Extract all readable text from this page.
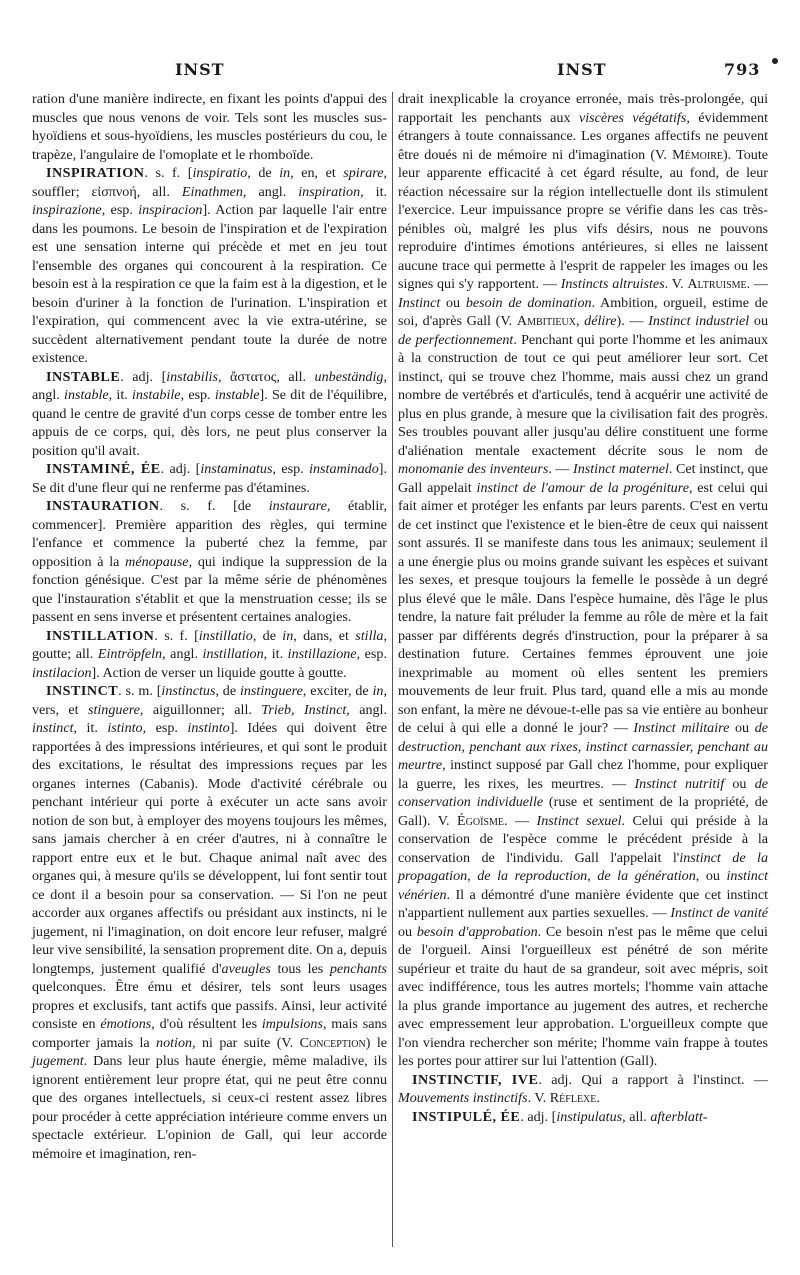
INST	INST	793

ration d'une manière indirecte, en fixant les points d'appui des muscles que nous venons de voir. Tels sont les muscles sus-hyoïdiens et sous-hyoïdiens, les muscles postérieurs du cou, le trapèze, l'angulaire de l'omoplate et le rhomboïde.

INSPIRATION. s. f. [inspiratio, de in, en, et spirare, souffler; εἰσπνοή, all. Einathmen, angl. inspiration, it. inspirazione, esp. inspiracion]. Action par laquelle l'air entre dans les poumons. Le besoin de l'inspiration et de l'expiration est une sensation interne qui précède et met en jeu tout l'ensemble des organes qui concourent à la respiration. Ce besoin est à la respiration ce que la faim est à la digestion, et le besoin d'uriner à la fonction de l'urination. L'inspiration et l'expiration, qui commencent avec la vie extra-utérine, se succèdent alternativement pendant toute la durée de notre existence.

INSTABLE. adj. [instabilis, ἄστατος, all. unbeständig, angl. instable, it. instabile, esp. instable]. Se dit de l'équilibre, quand le centre de gravité d'un corps cesse de tomber entre les appuis de ce corps, qui, dès lors, ne peut plus conserver la position qu'il avait.

INSTAMINÉ, ÉE. adj. [instaminatus, esp. instaminado]. Se dit d'une fleur qui ne renferme pas d'étamines.

INSTAURATION. s. f. [de instaurare, établir, commencer]. Première apparition des règles, qui termine l'enfance et commence la puberté chez la femme, par opposition à la ménopause, qui indique la suppression de la fonction génésique. C'est par la même série de phénomènes que l'instauration s'établit et que la menstruation cesse; ils se passent en sens inverse et présentent certaines analogies.

INSTILLATION. s. f. [instillatio, de in, dans, et stilla, goutte; all. Eintröpfeln, angl. instillation, it. instillazione, esp. instilacion]. Action de verser un liquide goutte à goutte.

INSTINCT. s. m. [instinctus, de instinguere, exciter, de in, vers, et stinguere, aiguillonner; all. Trieb, Instinct, angl. instinct, it. istinto, esp. instinto]. Idées qui doivent être rapportées à des impressions intérieures, et qui sont le produit des excitations, le résultat des impressions reçues par les organes internes (Cabanis). Mode d'activité cérébrale ou penchant intérieur qui porte à exécuter un acte sans avoir notion de son but, à employer des moyens toujours les mêmes, sans jamais chercher à en créer d'autres, ni à connaître le rapport entre eux et le but. Chaque animal naît avec des organes qui, à mesure qu'ils se développent, lui font sentir tout ce dont il a besoin pour sa conservation. — Si l'on ne peut accorder aux organes affectifs ou présidant aux instincts, ni le jugement, ni l'imagination, on doit encore leur refuser, malgré leur vive sensibilité, la sensation proprement dite. On a, depuis longtemps, justement qualifié d'aveugles tous les penchants quelconques. Être ému et désirer, tels sont leurs usages propres et exclusifs, tant actifs que passifs. Ainsi, leur activité consiste en émotions, d'où résultent les impulsions, mais sans comporter jamais la notion, ni par suite (V. Conception) le jugement. Dans leur plus haute énergie, même maladive, ils ignorent entièrement leur propre état, qui ne peut être connu que des organes intellectuels, si ceux-ci restent assez libres pour procéder à cette appréciation intérieure comme envers un spectacle extérieur. L'opinion de Gall, qui leur accorde mémoire et imagination, ren-

drait inexplicable la croyance erronée, mais très-prolongée, qui rapportait les penchants aux viscères végétatifs, évidemment étrangers à toute connaissance. Les organes affectifs ne peuvent être doués ni de mémoire ni d'imagination (V. Mémoire). Toute leur apparente efficacité à cet égard résulte, au fond, de leur réaction nécessaire sur la région intellectuelle dont ils stimulent l'exercice. Leur impuissance propre se vérifie dans les cas très-pénibles où, malgré les plus vifs désirs, nous ne pouvons reproduire d'intimes émotions antérieures, si elles ne laissent aucune trace qui permette à l'esprit de rappeler les images ou les signes qui s'y rapportent. — Instincts altruistes. V. Altruisme. — Instinct ou besoin de domination. Ambition, orgueil, estime de soi, d'après Gall (V. Ambitieux, délire). — Instinct industriel ou de perfectionnement. Penchant qui porte l'homme et les animaux à la construction de tout ce qui peut améliorer leur sort. Cet instinct, qui se trouve chez l'homme, mais aussi chez un grand nombre de vertébrés et d'articulés, tend à acquérir une activité de plus en plus grande, à mesure que la civilisation fait des progrès. Ses troubles pouvant aller jusqu'au délire constituent une forme d'aliénation mentale exactement décrite sous le nom de monomanie des inventeurs. — Instinct maternel. Cet instinct, que Gall appelait instinct de l'amour de la progéniture, est celui qui fait aimer et protéger les enfants par leurs parents. C'est en vertu de cet instinct que l'existence et le bien-être de ceux qui naissent sont assurés. Il se manifeste dans tous les animaux; seulement il a une énergie plus ou moins grande suivant les espèces et suivant les sexes, et presque toujours la femelle le possède à un degré plus élevé que le mâle. Dans l'espèce humaine, dès l'âge le plus tendre, la nature fait préluder la femme au rôle de mère et la fait passer par différents degrés d'instruction, pour la préparer à sa destination future. Certaines femmes éprouvent une joie inexprimable au moment où elles sentent les premiers mouvements de leur fruit. Plus tard, quand elle a mis au monde son enfant, la mère ne dévoue-t-elle pas sa vie entière au bonheur de celui à qui elle a donné le jour? — Instinct militaire ou de destruction, penchant aux rixes, instinct carnassier, penchant au meurtre, instinct supposé par Gall chez l'homme, pour expliquer la guerre, les rixes, les meurtres. — Instinct nutritif ou de conservation individuelle (ruse et sentiment de la propriété, de Gall). V. Égoïsme. — Instinct sexuel. Celui qui préside à la conservation de l'espèce comme le précédent préside à la conservation de l'individu. Gall l'appelait l'instinct de la propagation, de la reproduction, de la génération, ou instinct vénérien. Il a démontré d'une manière évidente que cet instinct n'appartient nullement aux parties sexuelles. — Instinct de vanité ou besoin d'approbation. Ce besoin n'est pas le même que celui de l'orgueil. Ainsi l'orgueilleux est pénétré de son mérite supérieur et traite du haut de sa grandeur, soit avec mépris, soit avec indifférence, tous les autres mortels; l'homme vain attache la plus grande importance au jugement des autres, et recherche avec empressement leur approbation. L'orgueilleux compte que l'on viendra rechercher son mérite; l'homme vain frappe à toutes les portes pour attirer sur lui l'attention (Gall).

INSTINCTIF, IVE. adj. Qui a rapport à l'instinct. — Mouvements instinctifs. V. Réflexe.

INSTIPULÉ, ÉE. adj. [instipulatus, all. afterblatt-
